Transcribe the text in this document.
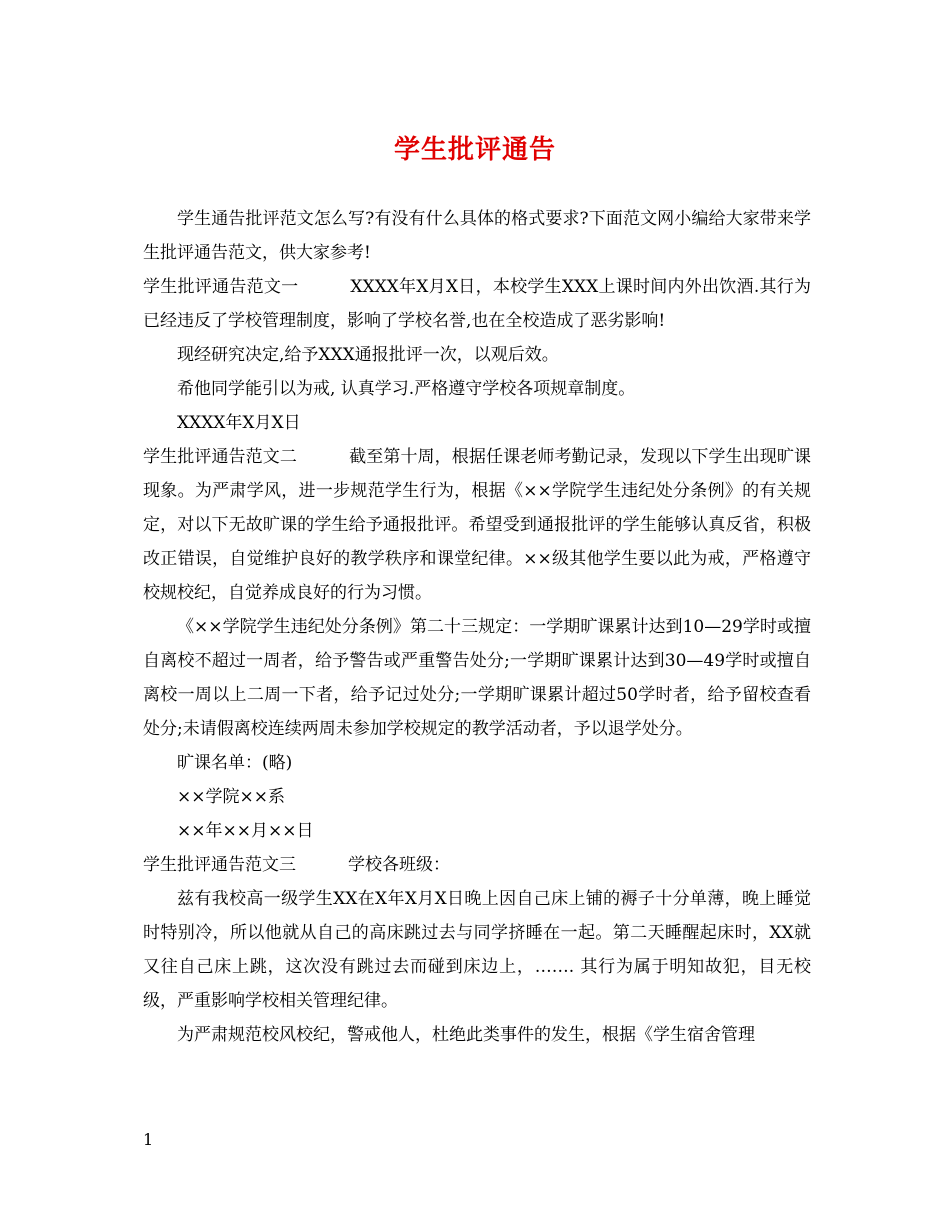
学生批评通告

学生通告批评范文怎么写?有没有什么具体的格式要求?下面范文网小编给大家带来学生批评通告范文，供大家参考!

学生批评通告范文一	XXXX年X月X日，本校学生XXX上课时间内外出饮酒.其行为已经违反了学校管理制度，影响了学校名誉,也在全校造成了恶劣影响!

现经研究决定,给予XXX通报批评一次，以观后效。

希他同学能引以为戒, 认真学习.严格遵守学校各项规章制度。

XXXX年X月X日

学生批评通告范文二	截至第十周，根据任课老师考勤记录，发现以下学生出现旷课现象。为严肃学风，进一步规范学生行为，根据《××学院学生违纪处分条例》的有关规定，对以下无故旷课的学生给予通报批评。希望受到通报批评的学生能够认真反省，积极改正错误，自觉维护良好的教学秩序和课堂纪律。××级其他学生要以此为戒，严格遵守校规校纪，自觉养成良好的行为习惯。

《××学院学生违纪处分条例》第二十三规定：一学期旷课累计达到10—29学时或擅自离校不超过一周者，给予警告或严重警告处分;一学期旷课累计达到30—49学时或擅自离校一周以上二周一下者，给予记过处分;一学期旷课累计超过50学时者，给予留校查看处分;未请假离校连续两周未参加学校规定的教学活动者，予以退学处分。

旷课名单：(略)

××学院××系

××年××月××日

学生批评通告范文三	学校各班级：

兹有我校高一级学生XX在X年X月X日晚上因自己床上铺的褥子十分单薄，晚上睡觉时特别冷，所以他就从自己的高床跳过去与同学挤睡在一起。第二天睡醒起床时，XX就又往自己床上跳，这次没有跳过去而碰到床边上，……. 其行为属于明知故犯，目无校级，严重影响学校相关管理纪律。

为严肃规范校风校纪，警戒他人，杜绝此类事件的发生，根据《学生宿舍管理

1
